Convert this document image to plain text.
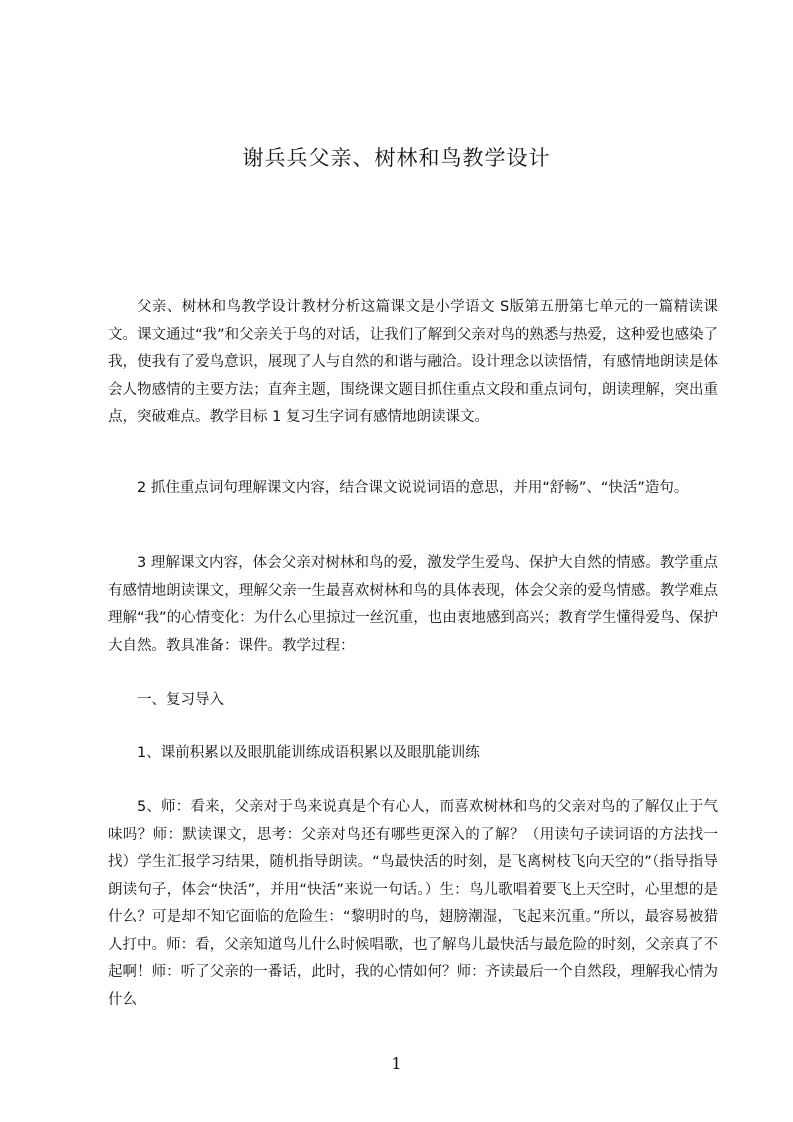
谢兵兵父亲、树林和鸟教学设计

父亲、树林和鸟教学设计教材分析这篇课文是小学语文 S版第五册第七单元的一篇精读课文。课文通过“我”和父亲关于鸟的对话，让我们了解到父亲对鸟的熟悉与热爱，这种爱也感染了我，使我有了爱鸟意识，展现了人与自然的和谐与融洽。设计理念以读悟情，有感情地朗读是体会人物感情的主要方法；直奔主题，围绕课文题目抓住重点文段和重点词句，朗读理解，突出重点，突破难点。教学目标 1 复习生字词有感情地朗读课文。

2 抓住重点词句理解课文内容，结合课文说说词语的意思，并用“舒畅”、“快活”造句。

3 理解课文内容，体会父亲对树林和鸟的爱，激发学生爱鸟、保护大自然的情感。教学重点有感情地朗读课文，理解父亲一生最喜欢树林和鸟的具体表现，体会父亲的爱鸟情感。教学难点理解“我”的心情变化：为什么心里掠过一丝沉重，也由衷地感到高兴；教育学生懂得爱鸟、保护大自然。教具准备：课件。教学过程：

一、复习导入

1、课前积累以及眼肌能训练成语积累以及眼肌能训练

5、师：看来，父亲对于鸟来说真是个有心人，而喜欢树林和鸟的父亲对鸟的了解仅止于气味吗？师：默读课文，思考：父亲对鸟还有哪些更深入的了解？（用读句子读词语的方法找一找）学生汇报学习结果，随机指导朗读。“鸟最快活的时刻，是飞离树枝飞向天空的”（指导指导朗读句子，体会“快活”，并用“快活”来说一句话。）生：鸟儿歌唱着要飞上天空时，心里想的是什么？可是却不知它面临的危险生：“黎明时的鸟，翅膀潮湿，飞起来沉重。”所以，最容易被猎人打中。师：看，父亲知道鸟儿什么时候唱歌，也了解鸟儿最快活与最危险的时刻，父亲真了不起啊！师：听了父亲的一番话，此时，我的心情如何？师：齐读最后一个自然段，理解我心情为什么

1
